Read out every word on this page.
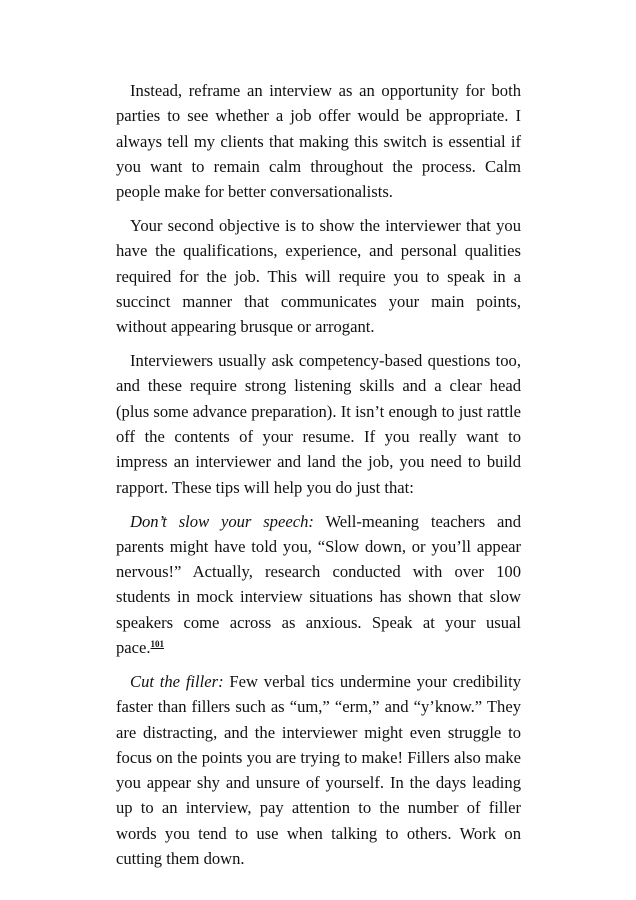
Instead, reframe an interview as an opportunity for both parties to see whether a job offer would be appropriate. I always tell my clients that making this switch is essential if you want to remain calm throughout the process. Calm people make for better conversationalists.

Your second objective is to show the interviewer that you have the qualifications, experience, and personal qualities required for the job. This will require you to speak in a succinct manner that communicates your main points, without appearing brusque or arrogant.

Interviewers usually ask competency-based questions too, and these require strong listening skills and a clear head (plus some advance preparation). It isn’t enough to just rattle off the contents of your resume. If you really want to impress an interviewer and land the job, you need to build rapport. These tips will help you do just that:

Don’t slow your speech: Well-meaning teachers and parents might have told you, “Slow down, or you’ll appear nervous!” Actually, research conducted with over 100 students in mock interview situations has shown that slow speakers come across as anxious. Speak at your usual pace.$^{101}$

Cut the filler: Few verbal tics undermine your credibility faster than fillers such as “um,” “erm,” and “y’know.” They are distracting, and the interviewer might even struggle to focus on the points you are trying to make! Fillers also make you appear shy and unsure of yourself. In the days leading up to an interview, pay attention to the number of filler words you tend to use when talking to others. Work on cutting them down.
